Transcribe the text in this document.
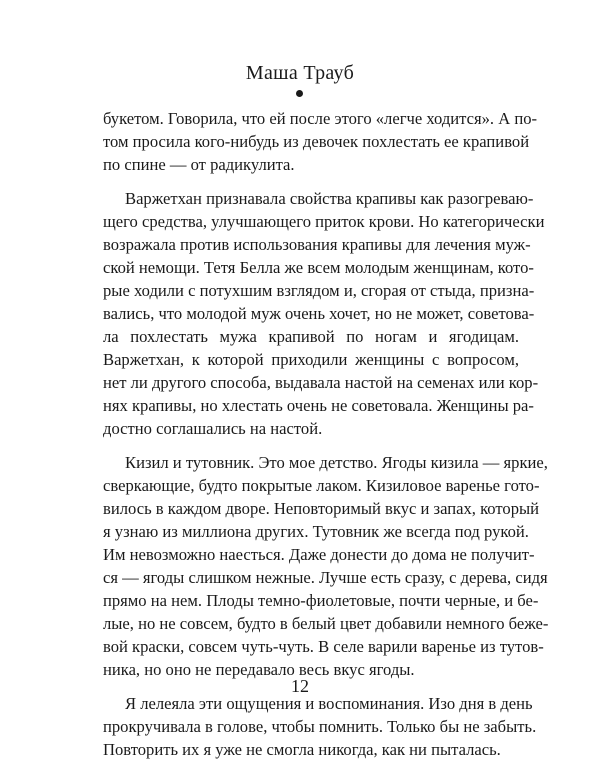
Маша Трауб
букетом. Говорила, что ей после этого «легче ходится». А по-
том просила кого-нибудь из девочек похлестать ее крапивой
по спине — от радикулита.
Варжетхан признавала свойства крапивы как разогреваю-
щего средства, улучшающего приток крови. Но категорически
возражала против использования крапивы для лечения муж-
ской немощи. Тетя Белла же всем молодым женщинам, кото-
рые ходили с потухшим взглядом и, сгорая от стыда, призна-
вались, что молодой муж очень хочет, но не может, советова-
ла похлестать мужа крапивой по ногам и ягодицам.
Варжетхан, к которой приходили женщины с вопросом,
нет ли другого способа, выдавала настой на семенах или кор-
нях крапивы, но хлестать очень не советовала. Женщины ра-
достно соглашались на настой.
Кизил и тутовник. Это мое детство. Ягоды кизила — яркие,
сверкающие, будто покрытые лаком. Кизиловое варенье гото-
вилось в каждом дворе. Неповторимый вкус и запах, который
я узнаю из миллиона других. Тутовник же всегда под рукой.
Им невозможно наесться. Даже донести до дома не получит-
ся — ягоды слишком нежные. Лучше есть сразу, с дерева, сидя
прямо на нем. Плоды темно-фиолетовые, почти черные, и бе-
лые, но не совсем, будто в белый цвет добавили немного беже-
вой краски, совсем чуть-чуть. В селе варили варенье из тутов-
ника, но оно не передавало весь вкус ягоды.
Я лелеяла эти ощущения и воспоминания. Изо дня в день
прокручивала в голове, чтобы помнить. Только бы не забыть.
Повторить их я уже не смогла никогда, как ни пыталась.
12
